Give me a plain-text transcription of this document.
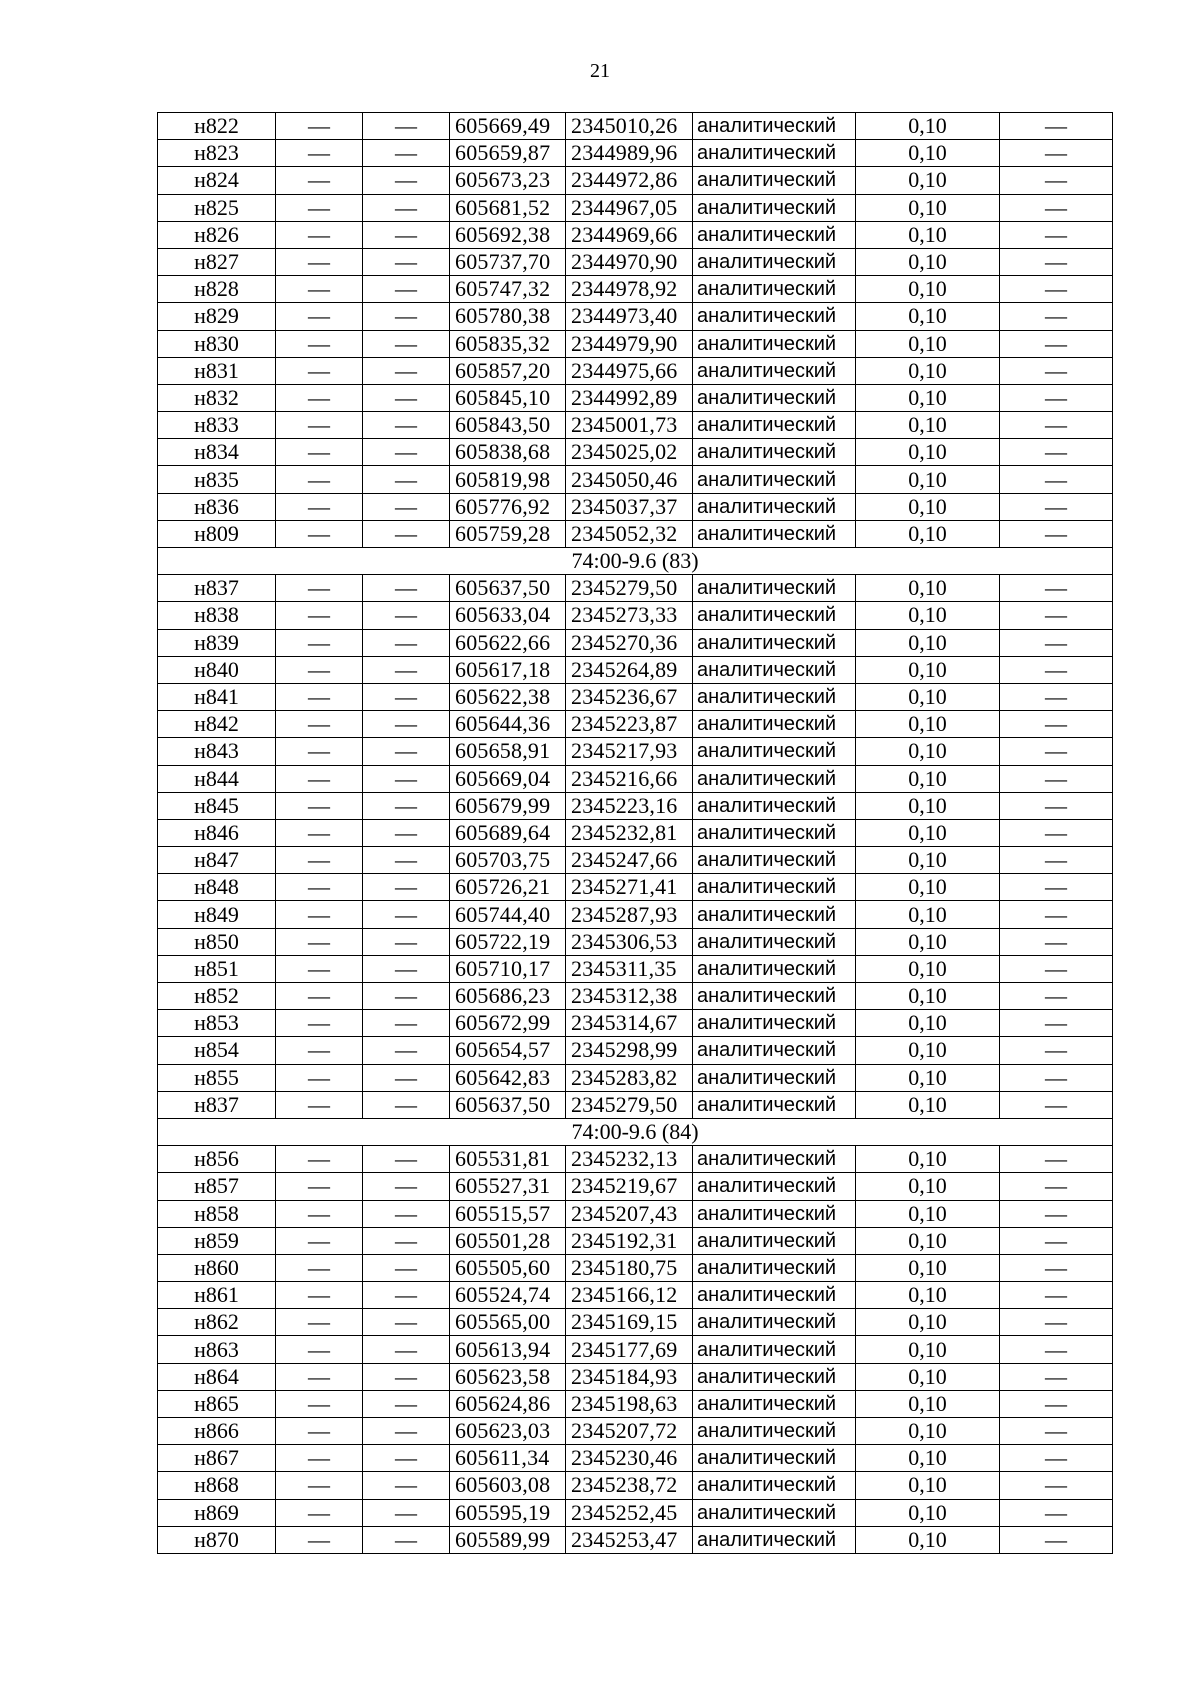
21
н822	—	—	605669,49	2345010,26	аналитический	0,10	—
н823	—	—	605659,87	2344989,96	аналитический	0,10	—
н824	—	—	605673,23	2344972,86	аналитический	0,10	—
н825	—	—	605681,52	2344967,05	аналитический	0,10	—
н826	—	—	605692,38	2344969,66	аналитический	0,10	—
н827	—	—	605737,70	2344970,90	аналитический	0,10	—
н828	—	—	605747,32	2344978,92	аналитический	0,10	—
н829	—	—	605780,38	2344973,40	аналитический	0,10	—
н830	—	—	605835,32	2344979,90	аналитический	0,10	—
н831	—	—	605857,20	2344975,66	аналитический	0,10	—
н832	—	—	605845,10	2344992,89	аналитический	0,10	—
н833	—	—	605843,50	2345001,73	аналитический	0,10	—
н834	—	—	605838,68	2345025,02	аналитический	0,10	—
н835	—	—	605819,98	2345050,46	аналитический	0,10	—
н836	—	—	605776,92	2345037,37	аналитический	0,10	—
н809	—	—	605759,28	2345052,32	аналитический	0,10	—
74:00-9.6 (83)							
н837	—	—	605637,50	2345279,50	аналитический	0,10	—
н838	—	—	605633,04	2345273,33	аналитический	0,10	—
н839	—	—	605622,66	2345270,36	аналитический	0,10	—
н840	—	—	605617,18	2345264,89	аналитический	0,10	—
н841	—	—	605622,38	2345236,67	аналитический	0,10	—
н842	—	—	605644,36	2345223,87	аналитический	0,10	—
н843	—	—	605658,91	2345217,93	аналитический	0,10	—
н844	—	—	605669,04	2345216,66	аналитический	0,10	—
н845	—	—	605679,99	2345223,16	аналитический	0,10	—
н846	—	—	605689,64	2345232,81	аналитический	0,10	—
н847	—	—	605703,75	2345247,66	аналитический	0,10	—
н848	—	—	605726,21	2345271,41	аналитический	0,10	—
н849	—	—	605744,40	2345287,93	аналитический	0,10	—
н850	—	—	605722,19	2345306,53	аналитический	0,10	—
н851	—	—	605710,17	2345311,35	аналитический	0,10	—
н852	—	—	605686,23	2345312,38	аналитический	0,10	—
н853	—	—	605672,99	2345314,67	аналитический	0,10	—
н854	—	—	605654,57	2345298,99	аналитический	0,10	—
н855	—	—	605642,83	2345283,82	аналитический	0,10	—
н837	—	—	605637,50	2345279,50	аналитический	0,10	—
74:00-9.6 (84)							
н856	—	—	605531,81	2345232,13	аналитический	0,10	—
н857	—	—	605527,31	2345219,67	аналитический	0,10	—
н858	—	—	605515,57	2345207,43	аналитический	0,10	—
н859	—	—	605501,28	2345192,31	аналитический	0,10	—
н860	—	—	605505,60	2345180,75	аналитический	0,10	—
н861	—	—	605524,74	2345166,12	аналитический	0,10	—
н862	—	—	605565,00	2345169,15	аналитический	0,10	—
н863	—	—	605613,94	2345177,69	аналитический	0,10	—
н864	—	—	605623,58	2345184,93	аналитический	0,10	—
н865	—	—	605624,86	2345198,63	аналитический	0,10	—
н866	—	—	605623,03	2345207,72	аналитический	0,10	—
н867	—	—	605611,34	2345230,46	аналитический	0,10	—
н868	—	—	605603,08	2345238,72	аналитический	0,10	—
н869	—	—	605595,19	2345252,45	аналитический	0,10	—
н870	—	—	605589,99	2345253,47	аналитический	0,10	—
